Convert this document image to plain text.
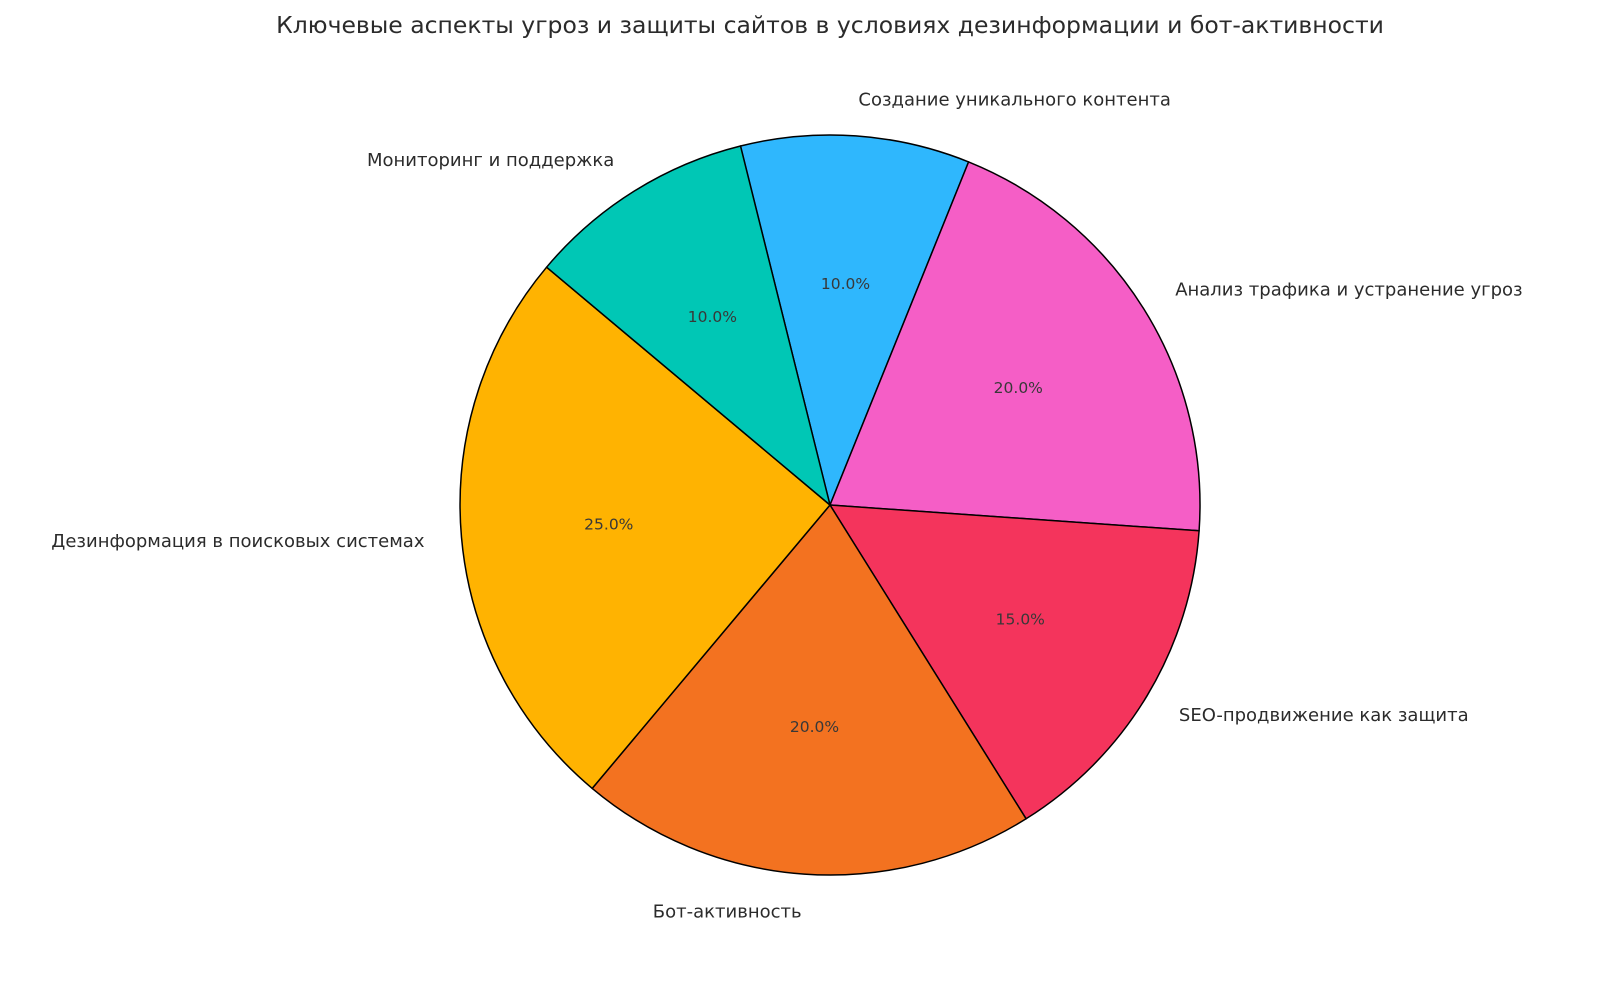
Ключевые аспекты угроз и защиты сайтов в условиях дезинформации и бот-активности
10.0%
Создание уникального контента
20.0%
Анализ трафика и устранение угроз
15.0%
SEO-продвижение как защита
20.0%
Бот-активность
25.0%
Дезинформация в поисковых системах
10.0%
Мониторинг и поддержка
